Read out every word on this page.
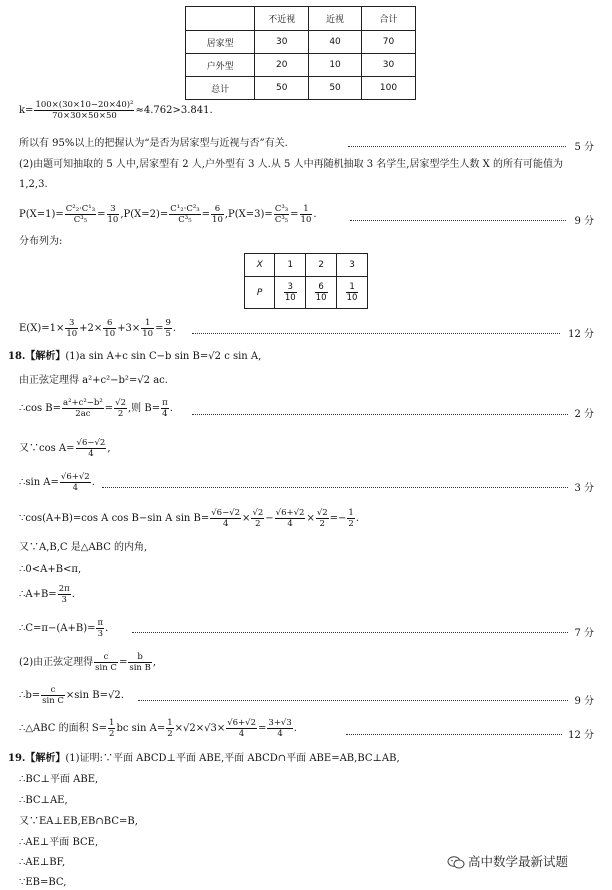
	不近视	近视	合计
居家型	30	40	70
户外型	20	10	30
总计	50	50	100
$k= \frac{\text{100×(30×10−20×40)²}}{70\times 30\times 50\times 50} \approx 4.762>3.841$.
所以有 95%以上的把握认为“是否为居家型与近视与否”有关.	5 分
(2)由题可知抽取的 5 人中,居家型有 2 人,户外型有 3 人.从 5 人中再随机抽取 3 名学生,居家型学生人数 X 的所有可能值为
1,2,3.
$P(X=1)= \frac{\text{C²₂·C¹₃}}{\text{C³₅}} = \frac{3}{10} ,P(X=2)= \frac{\text{C¹₂·C²₃}}{\text{C³₅}} = \frac{6}{10} ,P(X=3)= \frac{\text{C³₃}}{\text{C³₅}} = \frac{1}{10}$ .
9 分
分布列为:
X	1	2	3
P	$\frac{3}{10}$	$\frac{6}{10}$	$\frac{1}{10}$
$E(X)=1\times \frac{3}{10} +2\times \frac{6}{10} +3\times \frac{1}{10} = \frac{9}{5}$ .
12 分
18.【解析】(1)a sin A+c sin C−b sin B=√2 c sin A,
由正弦定理得 a²+c²−b²=√2 ac.
∴cos $B= \frac{\text{a²+c²−b²}}{2ac} = \frac{√2}{2}$ ,则 $B= \frac{\pi}{4}$ .
2 分
又∵cos $A= \frac{√6-√2}{4}$ ,
∴sin $A= \frac{√6+√2}{4}$ .
3 分
∵cos(A+B)=cos A cos B−sin A $\sin B= \frac{√6-√2}{4} \times \frac{√2}{2} - \frac{√6+√2}{4} \times \frac{√2}{2} =- \frac{1}{2}$ .
又∵A,B,C 是△ABC 的内角,
∴0<A+B<π,
∴A+B= $\frac{2\pi}{3}$ .
∴C=π−(A+B)= $\frac{\pi}{3}$ .	7 分
(2)由正弦定理得 $\frac{c}{\text{sin C}} = \frac{b}{\text{sin B}}$ ,
∴b= $\frac{c}{\text{sin C}} \times\sin$ B=√2.
9 分
∴△ABC 的面积 $S= \frac{1}{2}$ bc $\sin A= \frac{1}{2} \times√2\times√3\times \frac{√6+√2}{4} = \frac{3+√3}{4}$ .
12 分
19.【解析】(1)证明:∵平面 ABCD⊥平面 ABE,平面 ABCD∩平面 ABE=AB,BC⊥AB,
∴BC⊥平面 ABE,
∴BC⊥AE,
又∵EA⊥EB,EB∩BC=B,
∴AE⊥平面 BCE,
∴AE⊥BF,
∵EB=BC,
高中数学最新试题
